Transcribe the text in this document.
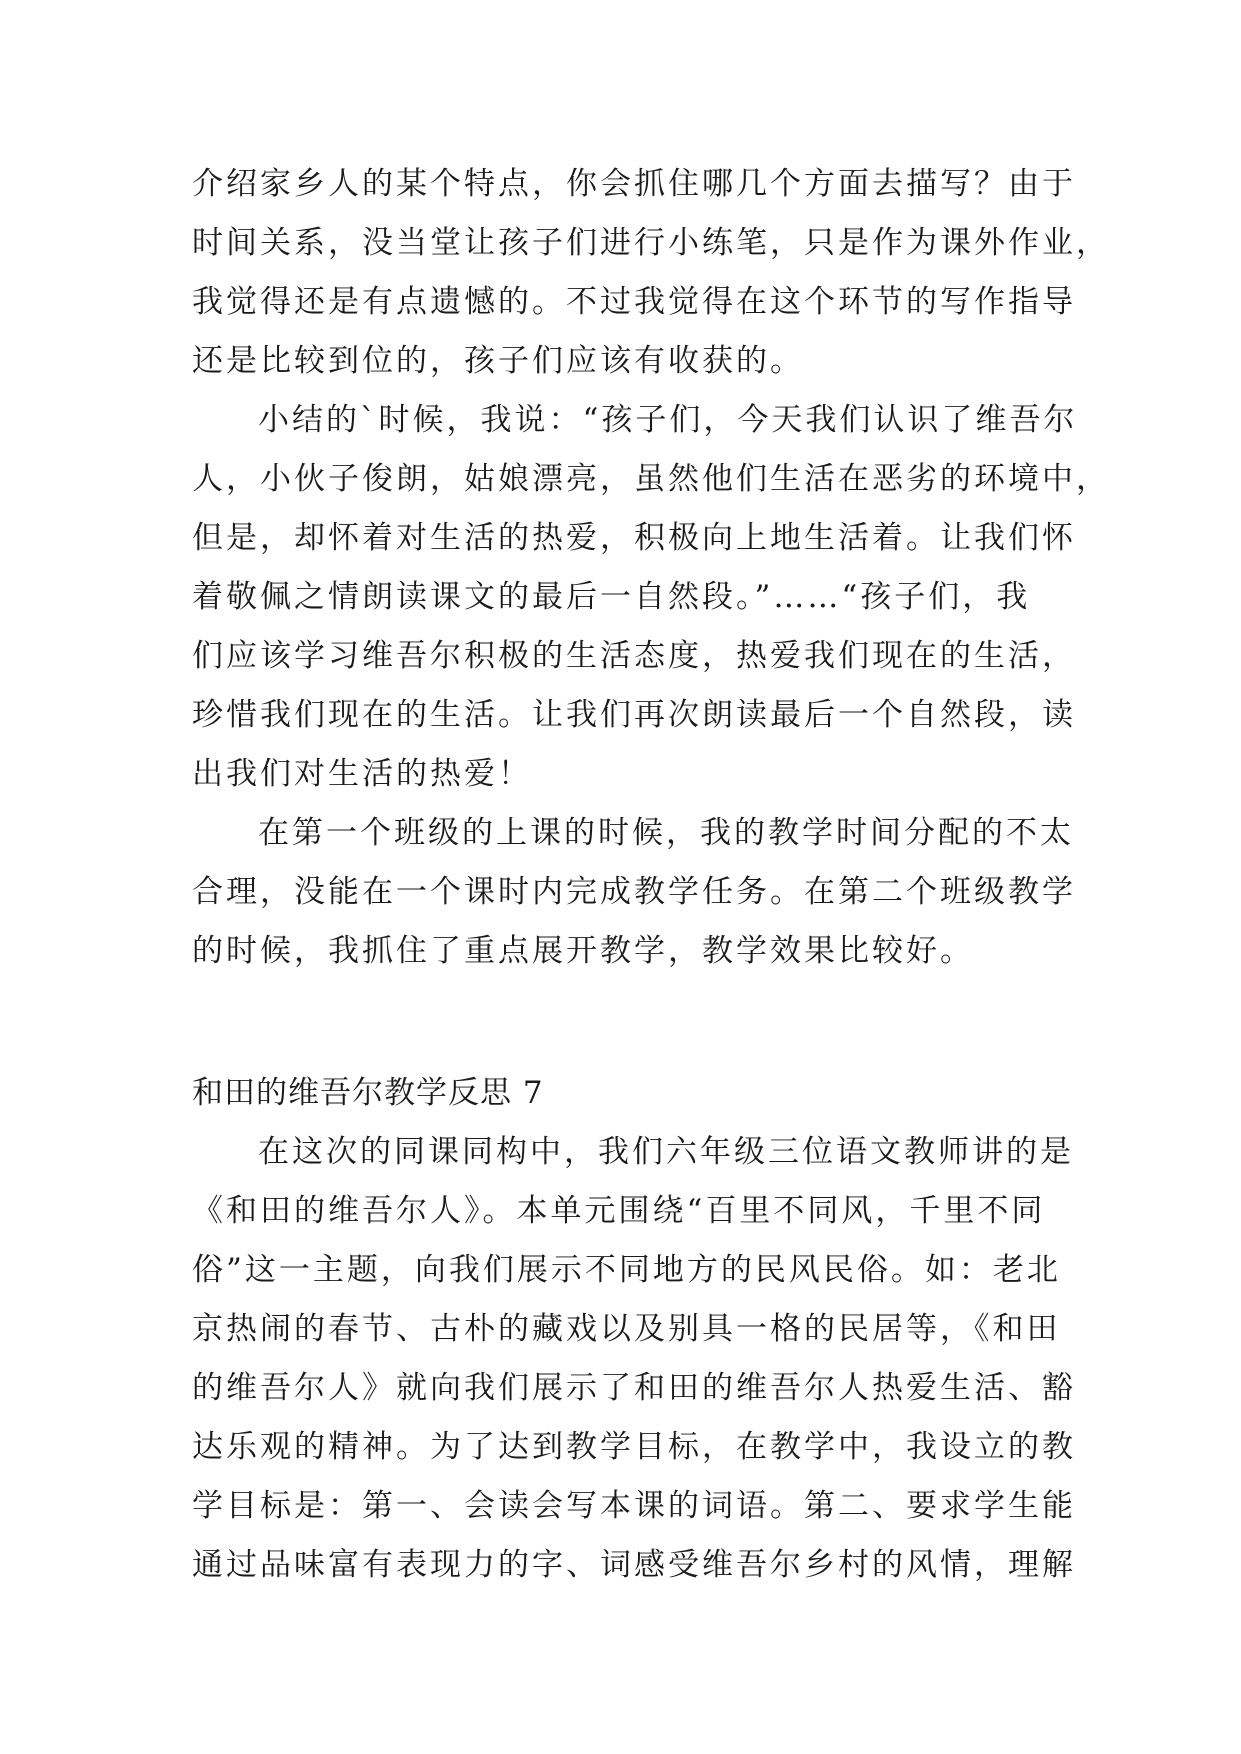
介绍家乡人的某个特点，你会抓住哪几个方面去描写？由于
时间关系，没当堂让孩子们进行小练笔，只是作为课外作业，
我觉得还是有点遗憾的。不过我觉得在这个环节的写作指导
还是比较到位的，孩子们应该有收获的。
小结的`时候，我说：“孩子们，今天我们认识了维吾尔
人，小伙子俊朗，姑娘漂亮，虽然他们生活在恶劣的环境中，
但是，却怀着对生活的热爱，积极向上地生活着。让我们怀
着敬佩之情朗读课文的最后一自然段。”……“孩子们，我
们应该学习维吾尔积极的生活态度，热爱我们现在的生活，
珍惜我们现在的生活。让我们再次朗读最后一个自然段，读
出我们对生活的热爱！
在第一个班级的上课的时候，我的教学时间分配的不太
合理，没能在一个课时内完成教学任务。在第二个班级教学
的时候，我抓住了重点展开教学，教学效果比较好。
和田的维吾尔教学反思 7
在这次的同课同构中，我们六年级三位语文教师讲的是
《和田的维吾尔人》。本单元围绕“百里不同风，千里不同
俗”这一主题，向我们展示不同地方的民风民俗。如：老北
京热闹的春节、古朴的藏戏以及别具一格的民居等，《和田
的维吾尔人》就向我们展示了和田的维吾尔人热爱生活、豁
达乐观的精神。为了达到教学目标，在教学中，我设立的教
学目标是：第一、会读会写本课的词语。第二、要求学生能
通过品味富有表现力的字、词感受维吾尔乡村的风情，理解
